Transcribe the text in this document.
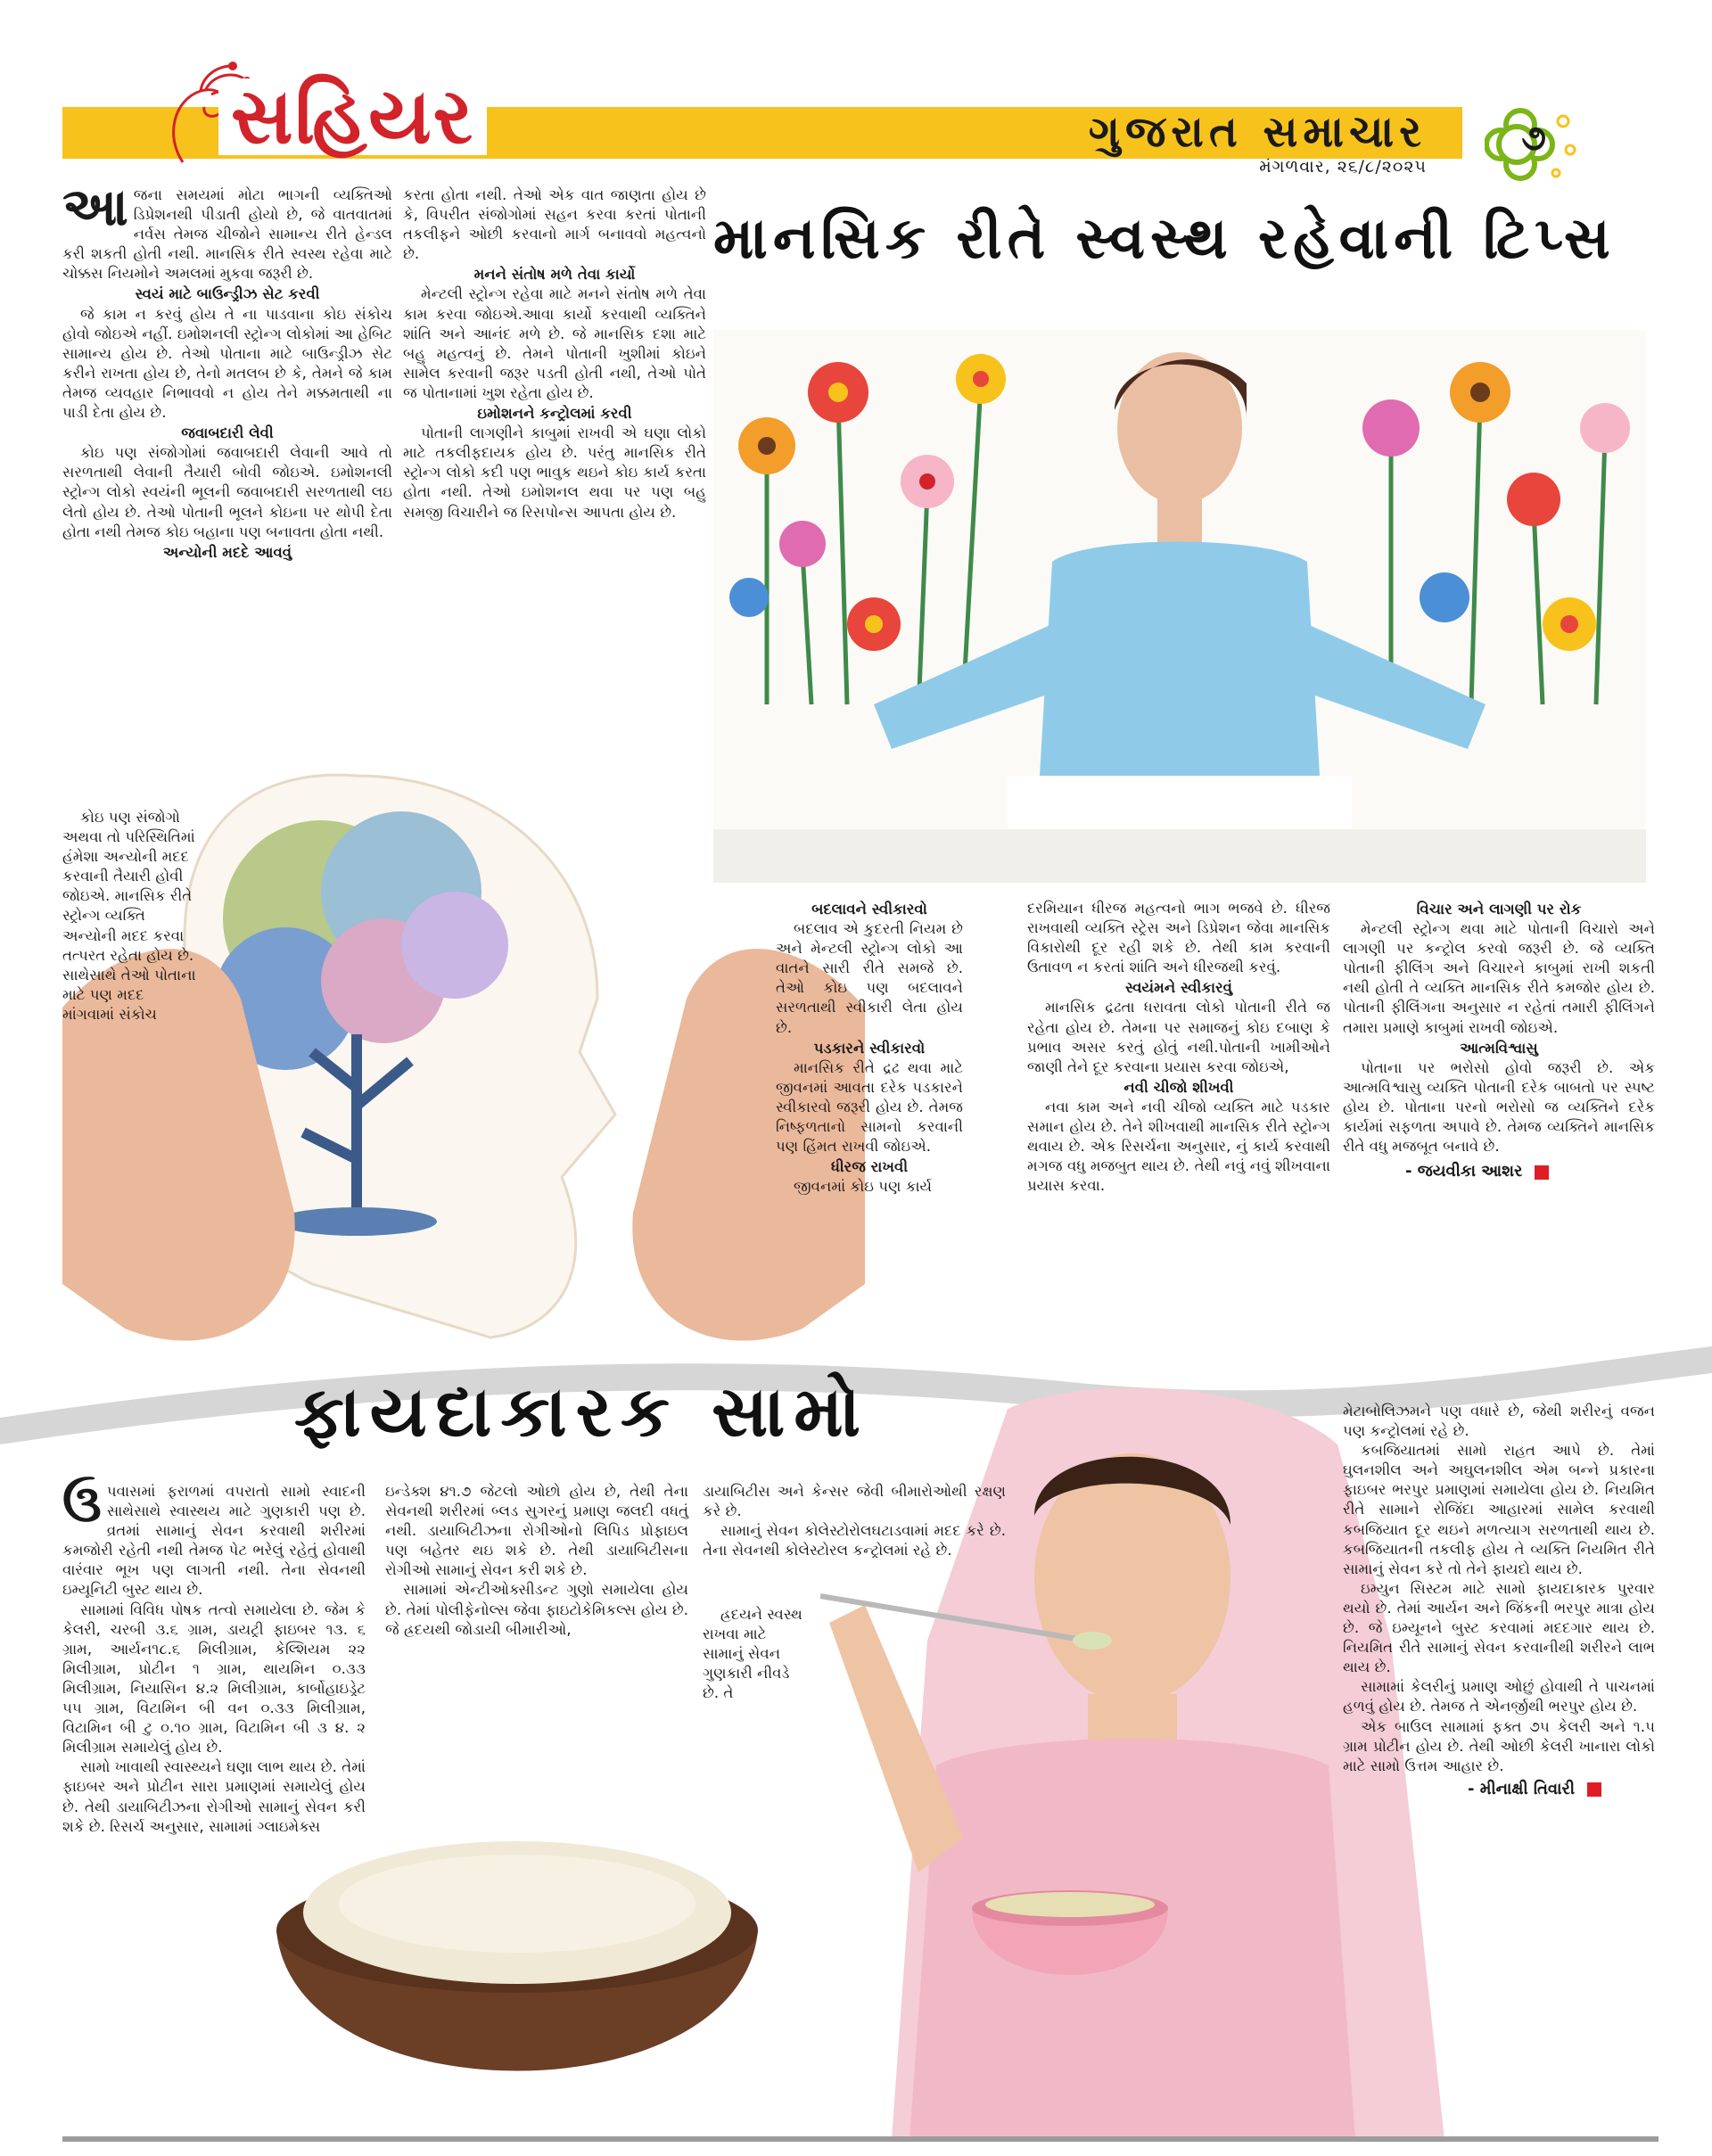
સહિયર	ગુજરાત સમાચાર
મંગળવાર, ૨૬/૮/૨૦૨૫
૭
માનસિક રીતે સ્વસ્થ રહેવાની ટિપ્સ

આજના સમયમાં મોટા ભાગની વ્યક્તિઓ ડિપ્રેશનથી પીડાતી હોયો છે, જે વાતવાતમાં નર્વસ તેમજ ચીજોને સામાન્ય રીતે હેન્ડલ કરી શકતી હોતી નથી. માનસિક રીતે સ્વસ્થ રહેવા માટે ચોક્કસ નિયમોને અમલમાં મુકવા જરૂરી છે.

સ્વયં માટે બાઉન્ડ્રીઝ સેટ કરવી

જે કામ ન કરવું હોય તે ના પાડવાના કોઇ સંકોચ હોવો જોઇએ નહીં. ઇમોશનલી સ્ટ્રોન્ગ લોકોમાં આ હેબિટ સામાન્ય હોય છે. તેઓ પોતાના માટે બાઉન્ડ્રીઝ સેટ કરીને રાખતા હોય છે, તેનો મતલબ છે કે, તેમને જે કામ તેમજ વ્યવહાર નિભાવવો ન હોય તેને મક્કમતાથી ના પાડી દેતા હોય છે.

જવાબદારી લેવી

કોઇ પણ સંજોગોમાં જવાબદારી લેવાની આવે તો સરળતાથી લેવાની તૈયારી બોવી જોઇએ. ઇમોશનલી સ્ટ્રોન્ગ લોકો સ્વયંની ભૂલની જવાબદારી સરળતાથી લઇ લેતો હોય છે. તેઓ પોતાની ભૂલને કોઇના પર થોપી દેતા હોતા નથી તેમજ કોઇ બહાના પણ બનાવતા હોતા નથી.

અન્યોની મદદે આવવું

કોઇ પણ સંજોગો અથવા તો પરિસ્થિતિમાં હંમેશા અન્યોની મદદ કરવાની તૈયારી હોવી જોઇએ. માનસિક રીતે સ્ટ્રોન્ગ વ્યક્તિ અન્યોની મદદ કરવા તત્પરત રહેતા હોય છે. સાથેસાથે તેઓ પોતાના માટે પણ મદદ માંગવામાં સંકોચ

કરતા હોતા નથી. તેઓ એક વાત જાણતા હોય છે કે, વિપરીત સંજોગોમાં સહન કરવા કરતાં પોતાની તકલીફને ઓછી કરવાનો માર્ગ બનાવવો મહત્વનો છે.

મનને સંતોષ મળે તેવા કાર્યો

મેન્ટલી સ્ટ્રોન્ગ રહેવા માટે મનને સંતોષ મળે તેવા કામ કરવા જોઇએ.આવા કાર્યો કરવાથી વ્યક્તિને શાંતિ અને આનંદ મળે છે. જે માનસિક દશા માટે બહુ મહત્વનું છે. તેમને પોતાની ખુશીમાં કોઇને સામેલ કરવાની જરૂર પડતી હોતી નથી, તેઓ પોતે જ પોતાનામાં ખુશ રહેતા હોય છે.

ઇમોશનને કન્ટ્રોલમાં કરવી

પોતાની લાગણીને કાબુમાં રાખવી એ ઘણા લોકો માટે તકલીફદાયક હોય છે. પરંતુ માનસિક રીતે સ્ટ્રોન્ગ લોકો કદી પણ ભાવુક થઇને કોઇ કાર્ય કરતા હોતા નથી. તેઓ ઇમોશનલ થવા પર પણ બહુ સમજી વિચારીને જ રિસપોન્સ આપતા હોય છે.

બદલાવને સ્વીકારવો

બદલાવ એ કુદરતી નિયમ છે અને મેન્ટલી સ્ટ્રોન્ગ લોકો આ વાતને સારી રીતે સમજે છે. તેઓ કોઇ પણ બદલાવને સરળતાથી સ્વીકારી લેતા હોય છે.

પડકારને સ્વીકારવો

માનસિક રીતે દ્રઢ થવા માટે જીવનમાં આવતા દરેક પડકારને સ્વીકારવો જરૂરી હોય છે. તેમજ નિષ્ફળતાનો સામનો કરવાની પણ હિંમત રાખવી જોઇએ.

ધીરજ રાખવી

જીવનમાં કોઇ પણ કાર્ય

દરમિયાન ધીરજ મહત્વનો ભાગ ભજવે છે. ધીરજ રાખવાથી વ્યક્તિ સ્ટ્રેસ અને ડિપ્રેશન જેવા માનસિક વિકારોથી દૂર રહી શકે છે. તેથી કામ કરવાની ઉતાવળ ન કરતાં શાંતિ અને ધીરજથી કરવું.

સ્વયંમને સ્વીકારવું

માનસિક દ્રઢતા ધરાવતા લોકો પોતાની રીતે જ રહેતા હોય છે. તેમના પર સમાજનું કોઇ દબાણ કે પ્રભાવ અસર કરતું હોતું નથી.પોતાની ખામીઓને જાણી તેને દૂર કરવાના પ્રયાસ કરવા જોઇએ,

નવી ચીજો શીખવી

નવા કામ અને નવી ચીજો વ્યક્તિ માટે પડકાર સમાન હોય છે. તેને શીખવાથી માનસિક રીતે સ્ટ્રોન્ગ થવાય છે. એક રિસર્ચના અનુસાર, નું કાર્ય કરવાથી મગજ વધુ મજબુત થાય છે. તેથી નવું નવું શીખવાના પ્રયાસ કરવા.

વિચાર અને લાગણી પર રોક

મેન્ટલી સ્ટ્રોન્ગ થવા માટે પોતાની વિચારો અને લાગણી પર કન્ટ્રોલ કરવો જરૂરી છે. જે વ્યક્તિ પોતાની ફીલિંગ અને વિચારને કાબુમાં રાખી શકતી નથી હોતી તે વ્યક્તિ માનસિક રીતે કમજોર હોય છે. પોતાની ફીલિંગના અનુસાર ન રહેતાં તમારી ફીલિંગને તમારા પ્રમાણે કાબુમાં રાખવી જોઇએ.

આત્મવિશ્વાસુ

પોતાના પર ભરોસો હોવો જરૂરી છે. એક આત્મવિશ્વાસુ વ્યક્તિ પોતાની દરેક બાબતો પર સ્પષ્ટ હોય છે. પોતાના પરનો ભરોસો જ વ્યક્તિને દરેક કાર્યમાં સફળતા અપાવે છે. તેમજ વ્યક્તિને માનસિક રીતે વધુ મજબૂત બનાવે છે.

- જયવીકા આશર

ફાયદાકારક સામો

ઉપવાસમાં ફરાળમાં વપરાતો સામો સ્વાદની સાથેસાથે સ્વાસ્થય માટે ગુણકારી પણ છે. વ્રતમાં સામાનું સેવન કરવાથી શરીરમાં કમજોરી રહેતી નથી તેમજ પેટ ભરેલું રહેતું હોવાથી વારંવાર ભૂખ પણ લાગતી નથી. તેના સેવનથી ઇમ્યૂનિટી બુસ્ટ થાય છે.

સામામાં વિવિધ પોષક તત્વો સમાયેલા છે. જેમ કે કેલરી, ચરબી ૩.૬ ગ્રામ, ડાયટ્રી ફાઇબર ૧૩. ૬ ગ્રામ, આર્યન૧૮.૬ મિલીગ્રામ, કેલ્શિયમ ૨૨ મિલીગ્રામ, પ્રોટીન ૧ ગ્રામ, થાયમિન ૦.૩૩ મિલીગ્રામ, નિયાસિન ૪.૨ મિલીગ્રામ, કાર્બોહાઇડ્રેટ ૫૫ ગ્રામ, વિટામિન બી વન ૦.૩૩ મિલીગ્રામ, વિટામિન બી ટુ ૦.૧૦ ગ્રામ, વિટામિન બી ૩ ૪. ૨ મિલીગ્રામ સમાયેલું હોય છે.

સામો ખાવાથી સ્વાસ્થ્યને ઘણા લાભ થાય છે. તેમાં ફાઇબર અને પ્રોટીન સારા પ્રમાણમાં સમાયેલું હોય છે. તેથી ડાયાબિટીઝના રોગીઓ સામાનું સેવન કરી શકે છે. રિસર્ચ અનુસાર, સામામાં ગ્લાઇમેક્સ

ઇન્ડેક્શ ૪૧.૭ જેટલો ઓછો હોય છે, તેથી તેના સેવનથી શરીરમાં બ્લડ સુગરનું પ્રમાણ જલદી વધતું નથી. ડાયાબિટીઝના રોગીઓનો લિપિડ પ્રોફાઇલ પણ બહેતર થઇ શકે છે. તેથી ડાયાબિટીસના રોગીઓ સામાનું સેવન કરી શકે છે.

સામામાં એન્ટીઓક્સીડન્ટ ગુણો સમાયેલા હોય છે. તેમાં પોલીફેનોલ્સ જેવા ફાઇટોકેમિકલ્સ હોય છે. જે હ્રદયથી જોડાયી બીમારીઓ,

ડાયાબિટીસ અને કેન્સર જેવી બીમારોઓથી રક્ષણ કરે છે.

સામાનું સેવન કોલેસ્ટોરોલઘટાડવામાં મદદ કરે છે. તેના સેવનથી કોલેસ્ટોરલ કન્ટ્રોલમાં રહે છે.

હ્રદયને સ્વસ્થ રાખવા માટે સામાનું સેવન ગુણકારી નીવડે છે. તે

મેટાબોલિઝમને પણ વધારે છે, જેથી શરીરનું વજન પણ કન્ટ્રોલમાં રહે છે.

કબજિયાતમાં સામો રાહત આપે છે. તેમાં ઘુલનશીલ અને અઘુલનશીલ એમ બન્ને પ્રકારના ફાઇબર ભરપુર પ્રમાણમાં સમાયેલા હોય છે. નિયમિત રીતે સામાને રોજિંદા આહારમાં સામેલ કરવાથી કબજિયાત દૂર થઇને મળત્યાગ સરળતાથી થાય છે. કબજિયાતની તકલીફ હોય તે વ્યક્તિ નિયમિત રીતે સામાનું સેવન કરે તો તેને ફાયદો થાય છે.

ઇમ્યુન સિસ્ટમ માટે સામો ફાયદાકારક પુરવાર થયો છે. તેમાં આર્યન અને જિંકની ભરપુર માત્રા હોય છે. જે ઇમ્યૂનને બુસ્ટ કરવામાં મદદગાર થાય છે. નિયમિત રીતે સામાનું સેવન કરવાનીથી શરીરને લાભ થાય છે.

સામામાં કેલરીનું પ્રમાણ ઓછું હોવાથી તે પાચનમાં હળવું હોય છે. તેમજ તે એનર્જીથી ભરપુર હોય છે.

એક બાઉલ સામામાં ફક્ત ૭૫ કેલરી અને ૧.૫ ગ્રામ પ્રોટીન હોય છે. તેથી ઓછી કેલરી ખાનારા લોકો માટે સામો ઉત્તમ આહાર છે.

- મીનાક્ષી તિવારી
